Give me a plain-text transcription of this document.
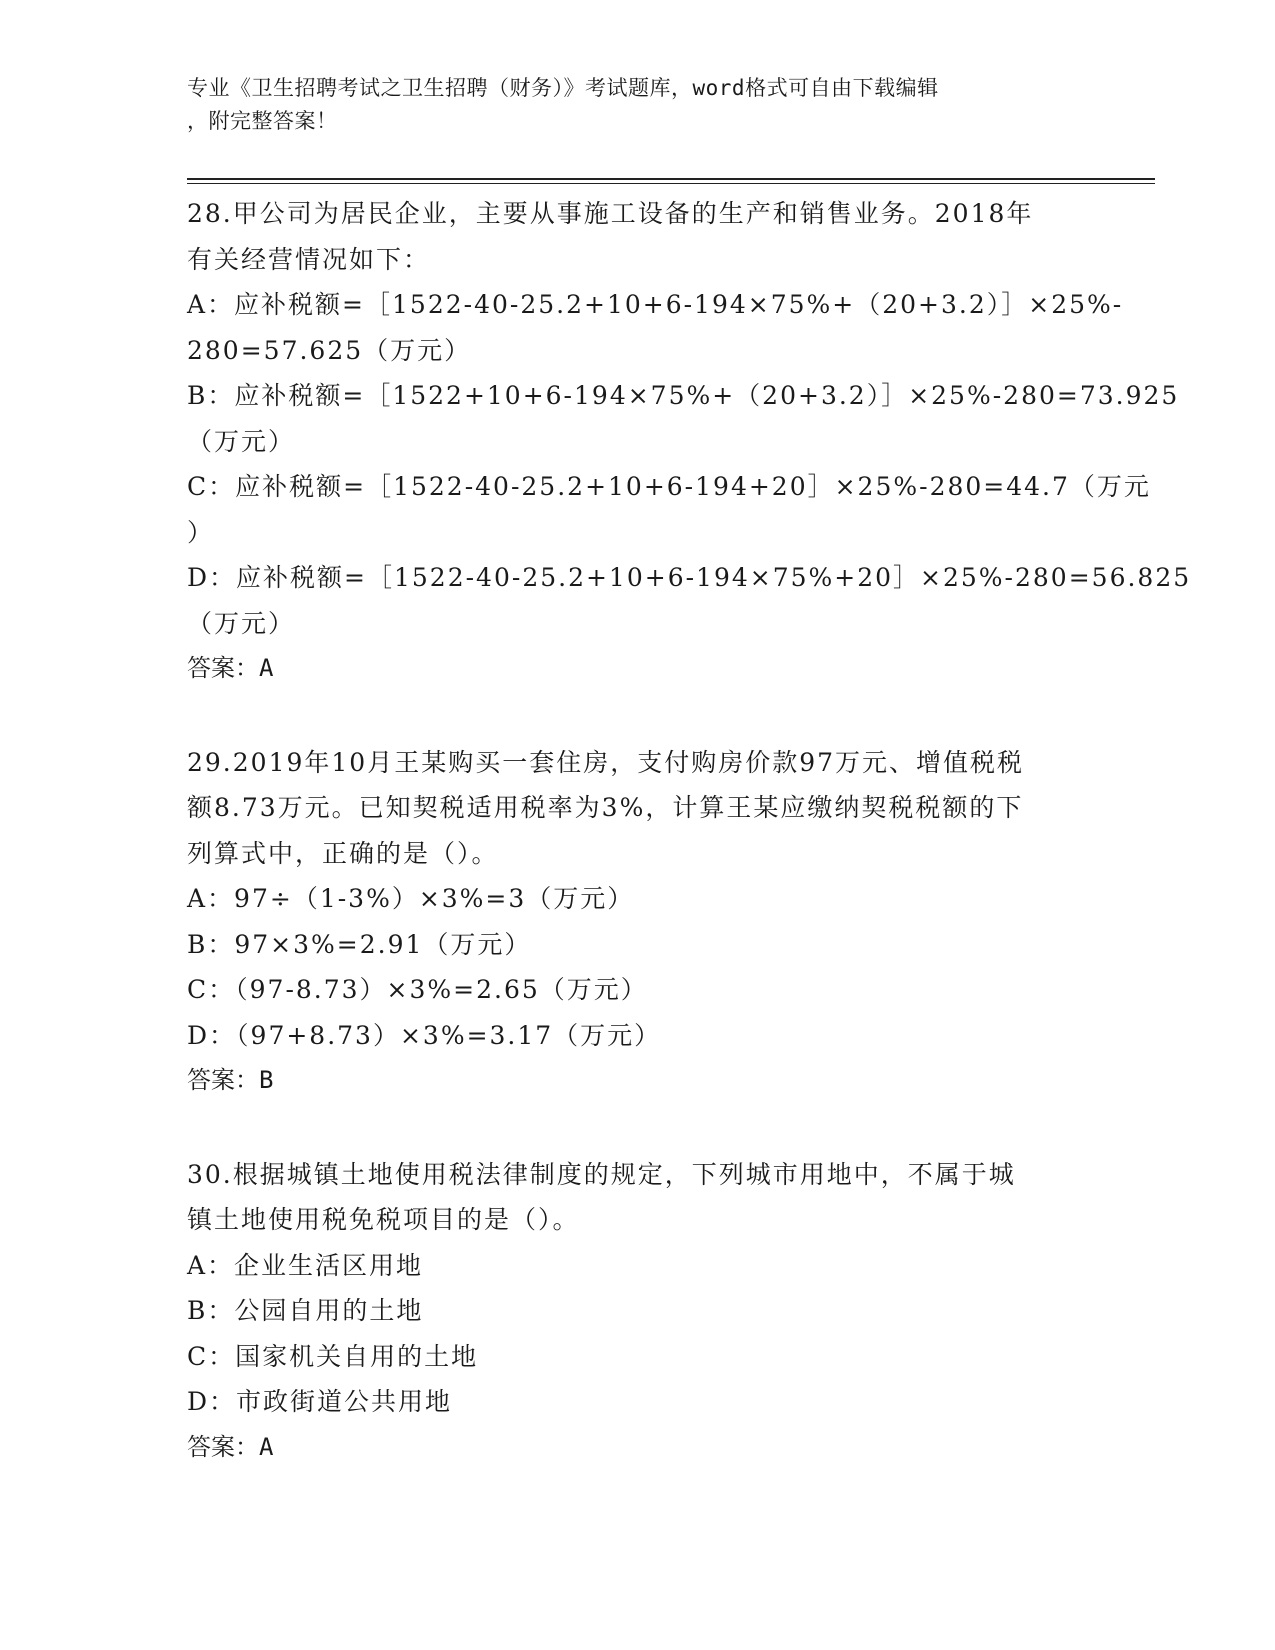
专业《卫生招聘考试之卫生招聘（财务）》考试题库，word格式可自由下载编辑
，附完整答案！
28.甲公司为居民企业，主要从事施工设备的生产和销售业务。2018年
有关经营情况如下：
A：应补税额=［1522-40-25.2+10+6-194×75%+（20+3.2）］×25%-
280=57.625（万元）
B：应补税额=［1522+10+6-194×75%+（20+3.2）］×25%-280=73.925
（万元）
C：应补税额=［1522-40-25.2+10+6-194+20］×25%-280=44.7（万元
）
D：应补税额=［1522-40-25.2+10+6-194×75%+20］×25%-280=56.825
（万元）
答案：A
29.2019年10月王某购买一套住房，支付购房价款97万元、增值税税
额8.73万元。已知契税适用税率为3%，计算王某应缴纳契税税额的下
列算式中，正确的是（）。
A：97÷（1-3%）×3%=3（万元）
B：97×3%=2.91（万元）
C：（97-8.73）×3%=2.65（万元）
D：（97+8.73）×3%=3.17（万元）
答案：B
30.根据城镇土地使用税法律制度的规定，下列城市用地中，不属于城
镇土地使用税免税项目的是（）。
A：企业生活区用地
B：公园自用的土地
C：国家机关自用的土地
D：市政街道公共用地
答案：A
